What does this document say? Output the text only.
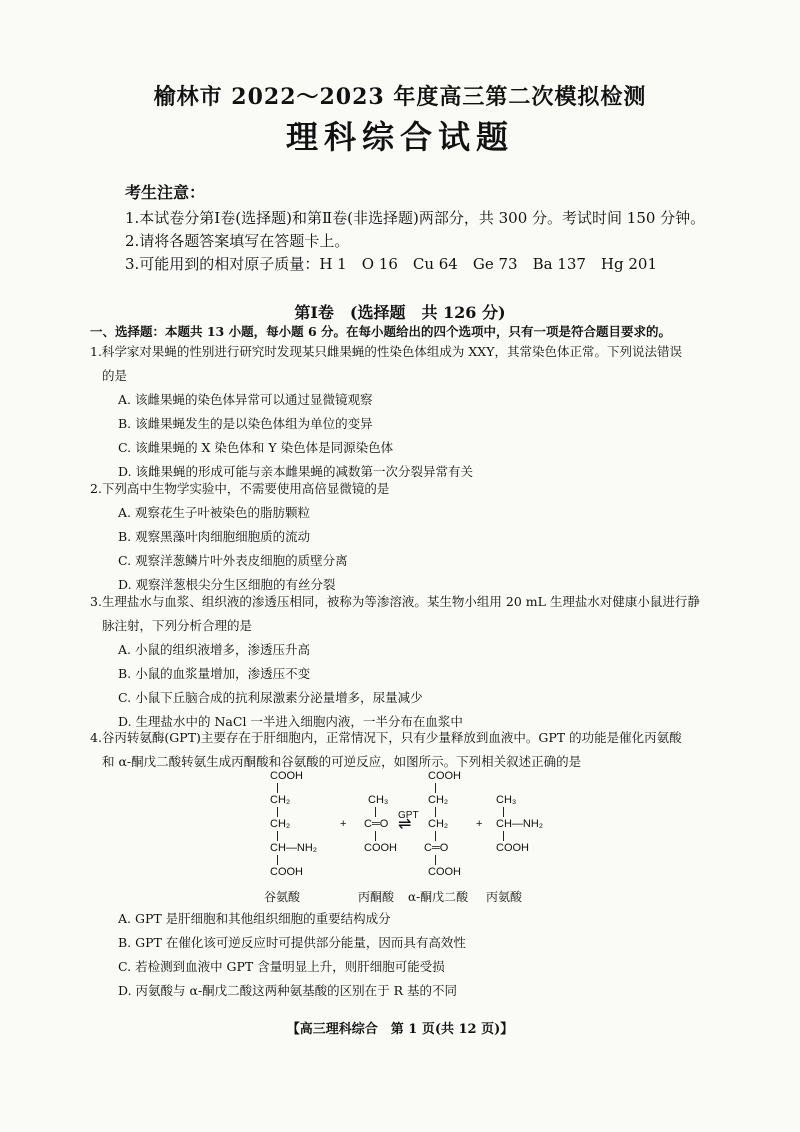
榆林市 2022～2023 年度高三第二次模拟检测
理科综合试题
考生注意：
1.本试卷分第Ⅰ卷(选择题)和第Ⅱ卷(非选择题)两部分，共 300 分。考试时间 150 分钟。
2.请将各题答案填写在答题卡上。
3.可能用到的相对原子质量：H 1　O 16　Cu 64　Ge 73　Ba 137　Hg 201
第Ⅰ卷　(选择题　共 126 分)
一、选择题：本题共 13 小题，每小题 6 分。在每小题给出的四个选项中，只有一项是符合题目要求的。
1.科学家对果蝇的性别进行研究时发现某只雌果蝇的性染色体组成为 XXY，其常染色体正常。下列说法错误
的是
A. 该雌果蝇的染色体异常可以通过显微镜观察
B. 该雌果蝇发生的是以染色体组为单位的变异
C. 该雌果蝇的 X 染色体和 Y 染色体是同源染色体
D. 该雌果蝇的形成可能与亲本雌果蝇的减数第一次分裂异常有关
2.下列高中生物学实验中，不需要使用高倍显微镜的是
A. 观察花生子叶被染色的脂肪颗粒
B. 观察黑藻叶肉细胞细胞质的流动
C. 观察洋葱鳞片叶外表皮细胞的质壁分离
D. 观察洋葱根尖分生区细胞的有丝分裂
3.生理盐水与血浆、组织液的渗透压相同，被称为等渗溶液。某生物小组用 20 mL 生理盐水对健康小鼠进行静
脉注射，下列分析合理的是
A. 小鼠的组织液增多，渗透压升高
B. 小鼠的血浆量增加，渗透压不变
C. 小鼠下丘脑合成的抗利尿激素分泌量增多，尿量减少
D. 生理盐水中的 NaCl 一半进入细胞内液，一半分布在血浆中
4.谷丙转氨酶(GPT)主要存在于肝细胞内，正常情况下，只有少量释放到血液中。GPT 的功能是催化丙氨酸
和 α-酮戊二酸转氨生成丙酮酸和谷氨酸的可逆反应，如图所示。下列相关叙述正确的是
COOH
CH₂
CH₂
CH—NH₂
COOH
+
CH₃
C═O
COOH
GPT
⇌
COOH
CH₂
CH₂
C═O
COOH
+
CH₃
CH—NH₂
COOH
谷氨酸	丙酮酸 α-酮戊二酸 丙氨酸
A. GPT 是肝细胞和其他组织细胞的重要结构成分
B. GPT 在催化该可逆反应时可提供部分能量，因而具有高效性
C. 若检测到血液中 GPT 含量明显上升，则肝细胞可能受损
D. 丙氨酸与 α-酮戊二酸这两种氨基酸的区别在于 R 基的不同
【高三理科综合　第 1 页(共 12 页)】
